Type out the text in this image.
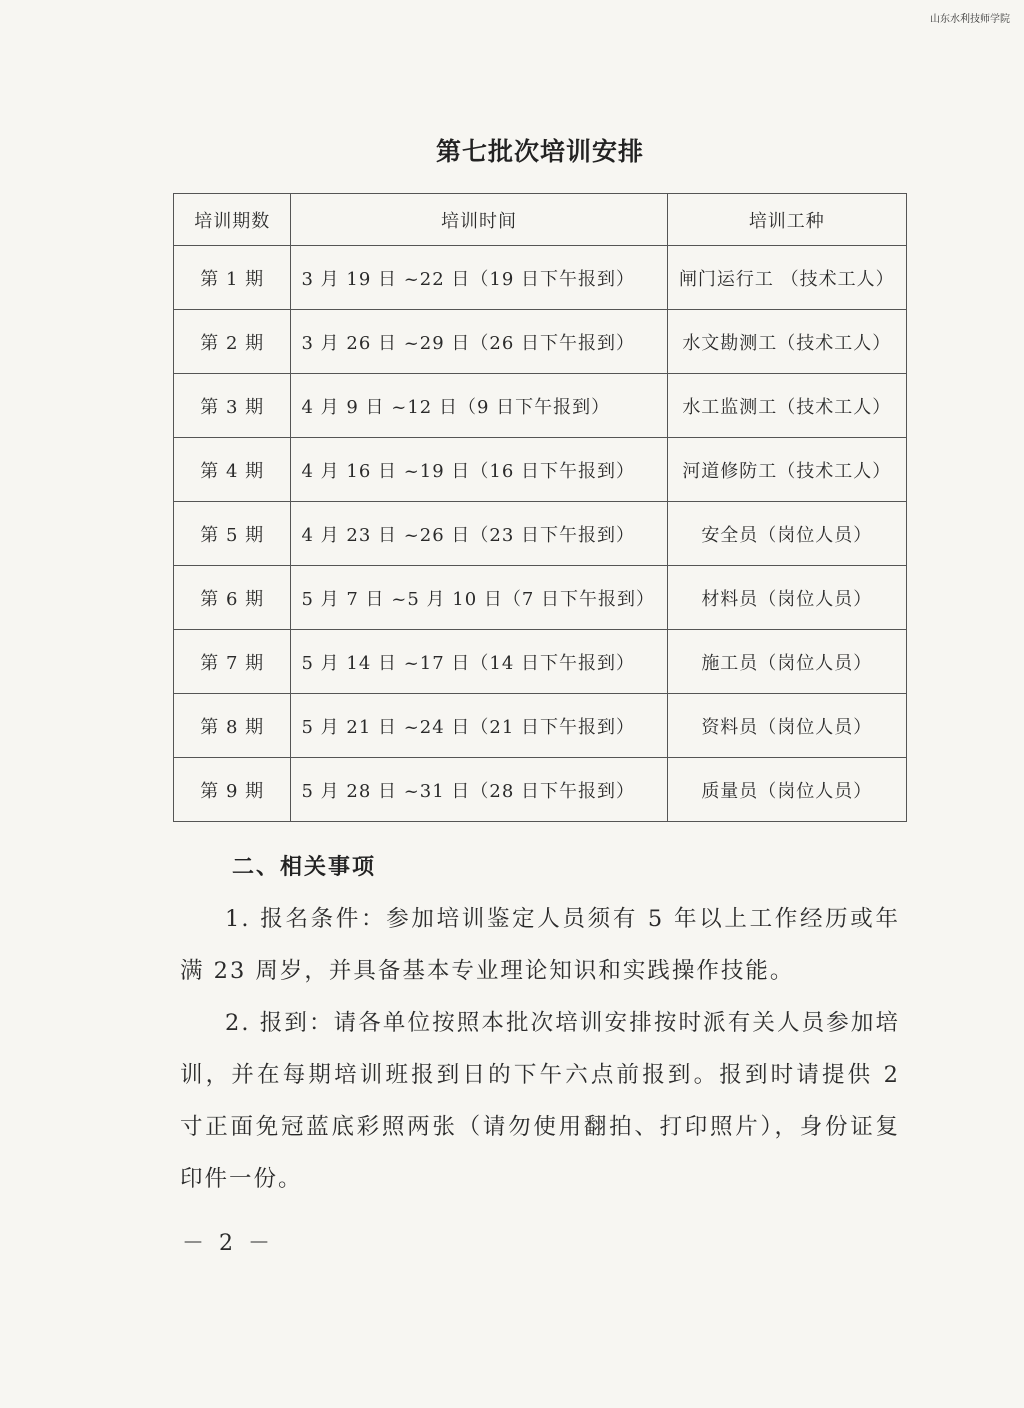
山东水利技师学院
第七批次培训安排
培训期数	培训时间	培训工种
第 1 期	3 月 19 日 ~22 日（19 日下午报到）	闸门运行工 （技术工人）
第 2 期	3 月 26 日 ~29 日（26 日下午报到）	水文勘测工（技术工人）
第 3 期	4 月 9 日 ~12 日（9 日下午报到）	水工监测工（技术工人）
第 4 期	4 月 16 日 ~19 日（16 日下午报到）	河道修防工（技术工人）
第 5 期	4 月 23 日 ~26 日（23 日下午报到）	安全员（岗位人员）
第 6 期	5 月 7 日 ~5 月 10 日（7 日下午报到）	材料员（岗位人员）
第 7 期	5 月 14 日 ~17 日（14 日下午报到）	施工员（岗位人员）
第 8 期	5 月 21 日 ~24 日（21 日下午报到）	资料员（岗位人员）
第 9 期	5 月 28 日 ~31 日（28 日下午报到）	质量员（岗位人员）
二、相关事项
1. 报名条件：参加培训鉴定人员须有 5 年以上工作经历或年满 23 周岁，并具备基本专业理论知识和实践操作技能。
2. 报到：请各单位按照本批次培训安排按时派有关人员参加培训，并在每期培训班报到日的下午六点前报到。报到时请提供 2 寸正面免冠蓝底彩照两张（请勿使用翻拍、打印照片），身份证复印件一份。
－ 2 －
